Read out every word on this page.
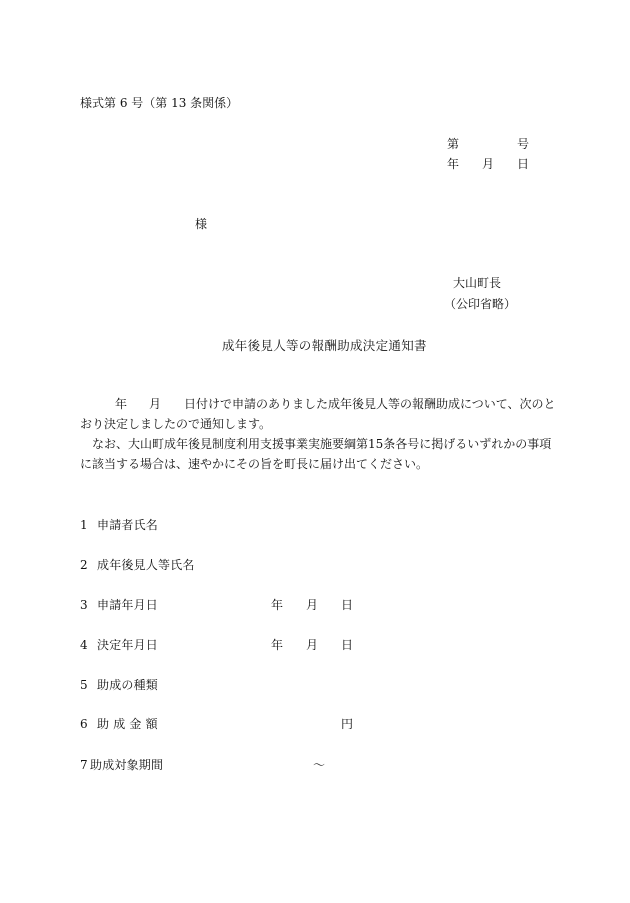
様式第 6 号（第 13 条関係）
第	号
年 月 日
様
大山町長
（公印省略）
成年後見人等の報酬助成決定通知書
年 月 日付けで申請のありました成年後見人等の報酬助成について、次のと
おり決定しましたので通知します。
　なお、大山町成年後見制度利用支援事業実施要綱第15条各号に掲げるいずれかの事項に該当する場合は、速やかにその旨を町長に届け出てください。
1 申請者氏名
2 成年後見人等氏名
3 申請年月日	年 月 日
4 決定年月日	年 月 日
5 助成の種類
6 助 成 金 額	円
7 助成対象期間	～
